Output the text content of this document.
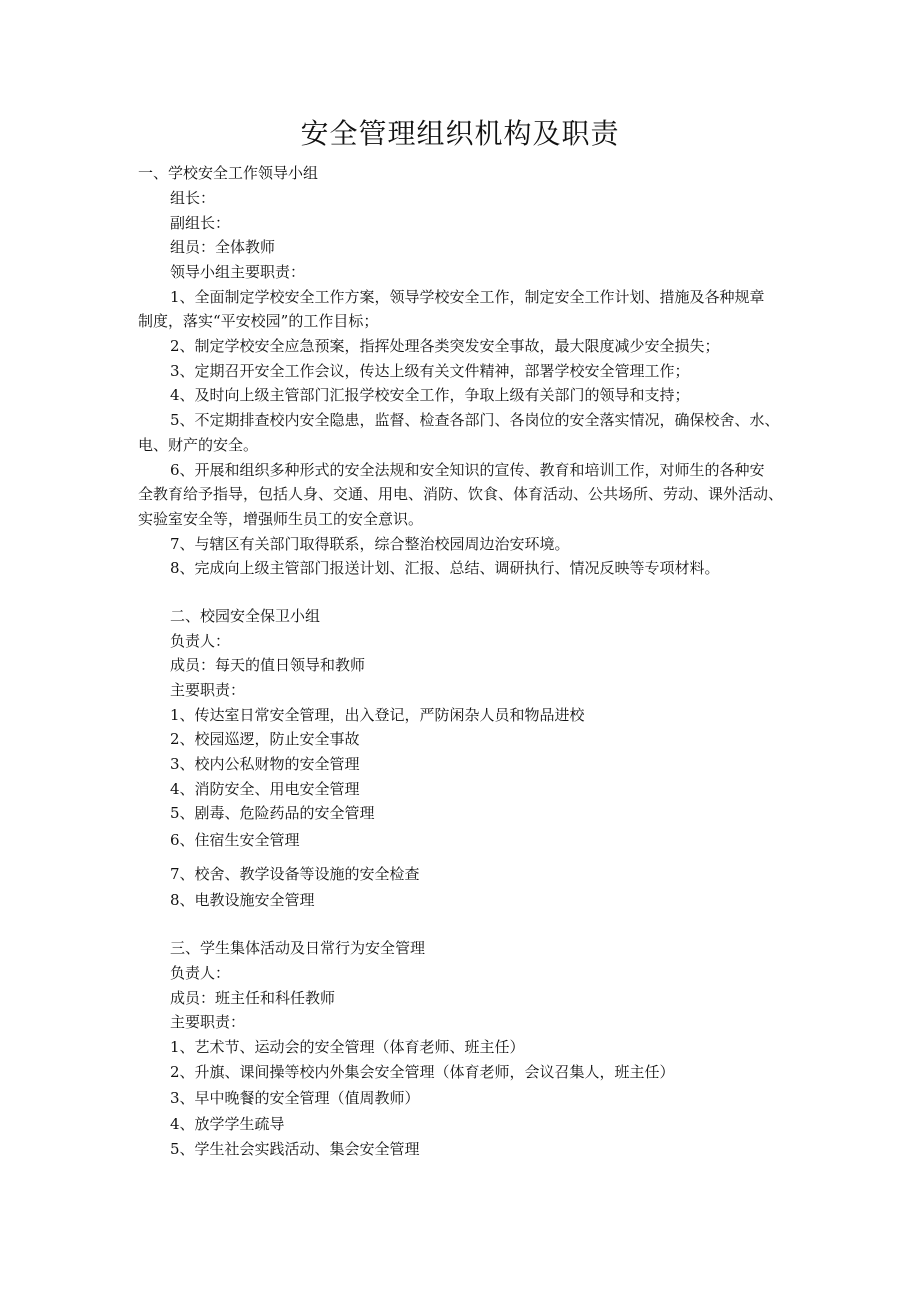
安全管理组织机构及职责
一、学校安全工作领导小组
组长：
副组长：
组员：全体教师
领导小组主要职责：
1、全面制定学校安全工作方案，领导学校安全工作，制定安全工作计划、措施及各种规章
制度，落实“平安校园”的工作目标；
2、制定学校安全应急预案，指挥处理各类突发安全事故，最大限度减少安全损失；
3、定期召开安全工作会议，传达上级有关文件精神，部署学校安全管理工作；
4、及时向上级主管部门汇报学校安全工作，争取上级有关部门的领导和支持；
5、不定期排查校内安全隐患，监督、检查各部门、各岗位的安全落实情况，确保校舍、水、
电、财产的安全。
6、开展和组织多种形式的安全法规和安全知识的宣传、教育和培训工作，对师生的各种安
全教育给予指导，包括人身、交通、用电、消防、饮食、体育活动、公共场所、劳动、课外活动、
实验室安全等，增强师生员工的安全意识。
7、与辖区有关部门取得联系，综合整治校园周边治安环境。
8、完成向上级主管部门报送计划、汇报、总结、调研执行、情况反映等专项材料。
二、校园安全保卫小组
负责人：
成员：每天的值日领导和教师
主要职责：
1、传达室日常安全管理，出入登记，严防闲杂人员和物品进校
2、校园巡逻，防止安全事故
3、校内公私财物的安全管理
4、消防安全、用电安全管理
5、剧毒、危险药品的安全管理
6、住宿生安全管理
7、校舍、教学设备等设施的安全检查
8、电教设施安全管理
三、学生集体活动及日常行为安全管理
负责人：
成员：班主任和科任教师
主要职责：
1、艺术节、运动会的安全管理（体育老师、班主任）
2、升旗、课间操等校内外集会安全管理（体育老师，会议召集人，班主任）
3、早中晚餐的安全管理（值周教师）
4、放学学生疏导
5、学生社会实践活动、集会安全管理
